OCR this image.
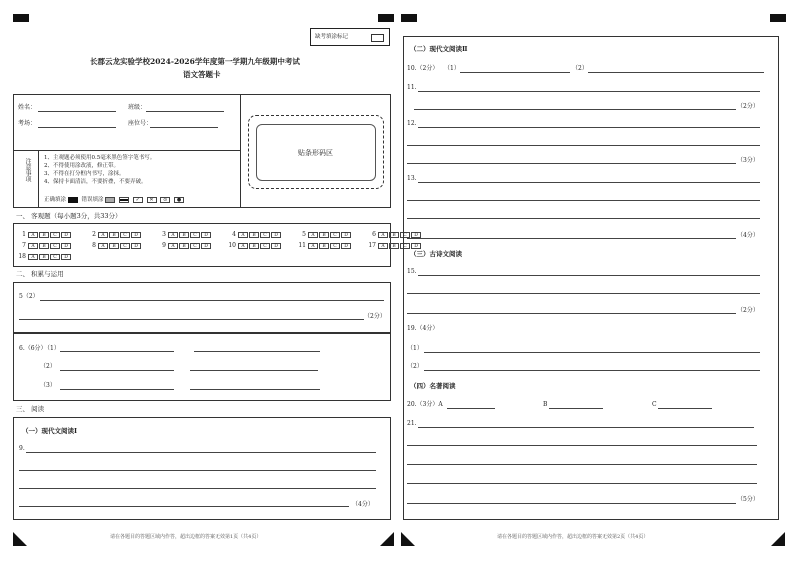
缺考填涂标记
长郡云龙实验学校2024-2026学年度第一学期九年级期中考试
语文答题卡
姓名：	班级：
考场：	座位号：
贴条形码区
注意事项 1、主观题必须使用0.5毫米黑色签字笔书写。
2、不得使用涂改液，修正带。
3、不得在打分框内书写，涂抹。
4、保持卡面清洁，不要折叠，不要弄破。
正确填涂	错误填涂	✓ ✕ ⊙ ●
一、 客观题（每小题3分，共33分）
1 A B C D	2 A B C D	3 A B C D	4 A B C D	5 A B C D	6 A B C D
7 A B C D	8 A B C D	9 A B C D	10 A B C D	11 A B C D	17 A B C D
18 A B C D
二、 积累与运用
5（2）
（2分）
6.（6分）
（1）
（2）
（3）
三、 阅读
（一）现代文阅读Ⅰ
9.
（4分）
请在各题目的答题区域内作答，超出边框的答案无效第1页（共4页）
（二）现代文阅读Ⅱ
10.（2分） （1）	（2）
11.
（2分）
12.
（3分）
13.
（4分）
（三）古诗文阅读
15.
（2分）
19.（4分）
（1）
（2）
（四）名著阅读
20.（3分）A	B	C
21.
（5分）
请在各题目的答题区域内作答，超出边框的答案无效第2页（共4页）
